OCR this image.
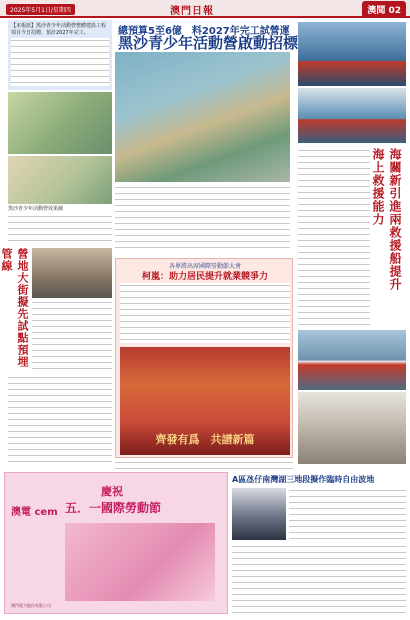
2025年5月1日/星期四	澳門日報	澳聞 02
總預算5至6億　料2027年完工試營運
黑沙青少年活動營啟動招標
【本報訊】黑沙青少年活動營整體建設工程項目今日招標，預計2027年完工。
黑沙青少年活動營效果圖	海關新引進兩救援船提升海上救援能力
營地大街擬先試點預埋管線	各界將出席國際勞動節大會
柯嵐：助力居民提升就業競爭力
齊發有爲　共譜新篇
澳電 cem
慶祝
五．一國際勞動節
澳門電力股份有限公司
A區氹仔南灣湖三地段擬作臨時自由波地
